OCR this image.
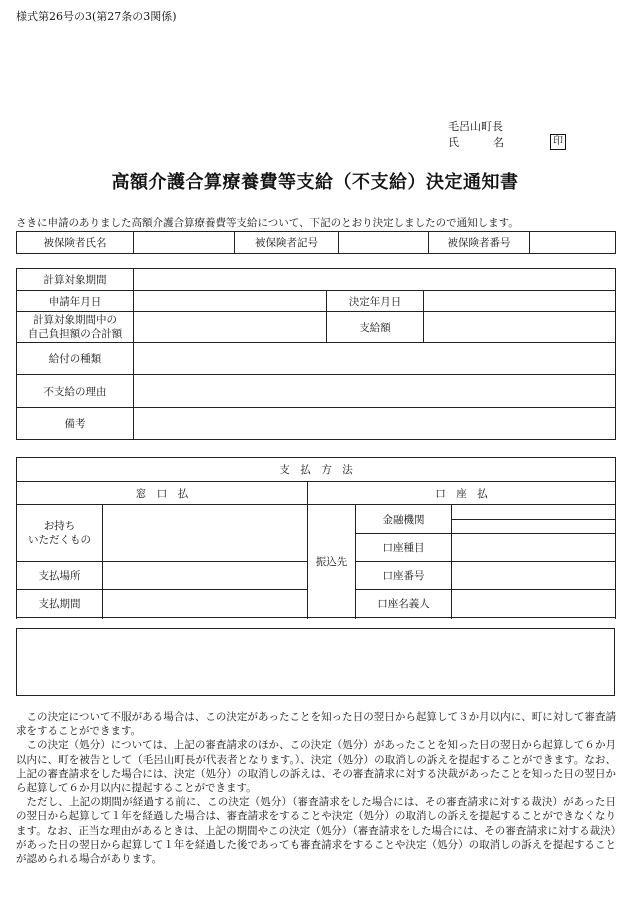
様式第26号の3(第27条の3関係)
毛呂山町長
氏	名	印
高額介護合算療養費等支給（不支給）決定通知書
さきに申請のありました高額介護合算療養費等支給について、下記のとおり決定しましたので通知します。
被保険者氏名		被保険者記号		被保険者番号	
計算対象期間			
申請年月日		決定年月日	

計算対象期間中の
自己負担額の合計額		支給額	
給付の種類			
不支給の理由			
備考			
支　払　方　法				
窓　口　払		口　座　払		

お持ち
いただくもの		振込先	金融機関	

			口座種目	
支払場所			口座番号	

支払期間			口座名義人	

この決定について不服がある場合は、この決定があったことを知った日の翌日から起算して３か月以内に、町に対して審査請求をすることができます。

この決定（処分）については、上記の審査請求のほか、この決定（処分）があったことを知った日の翌日から起算して６か月以内に、町を被告として（毛呂山町長が代表者となります。）、決定（処分）の取消しの訴えを提起することができます。なお、上記の審査請求をした場合には、決定（処分）の取消しの訴えは、その審査請求に対する決裁があったことを知った日の翌日から起算して６か月以内に提起することができます。

ただし、上記の期間が経過する前に、この決定（処分）（審査請求をした場合には、その審査請求に対する裁決）があった日の翌日から起算して１年を経過した場合は、審査請求をすることや決定（処分）の取消しの訴えを提起することができなくなります。なお、正当な理由があるときは、上記の期間やこの決定（処分）（審査請求をした場合には、その審査請求に対する裁決）があった日の翌日から起算して１年を経過した後であっても審査請求をすることや決定（処分）の取消しの訴えを提起することが認められる場合があります。
